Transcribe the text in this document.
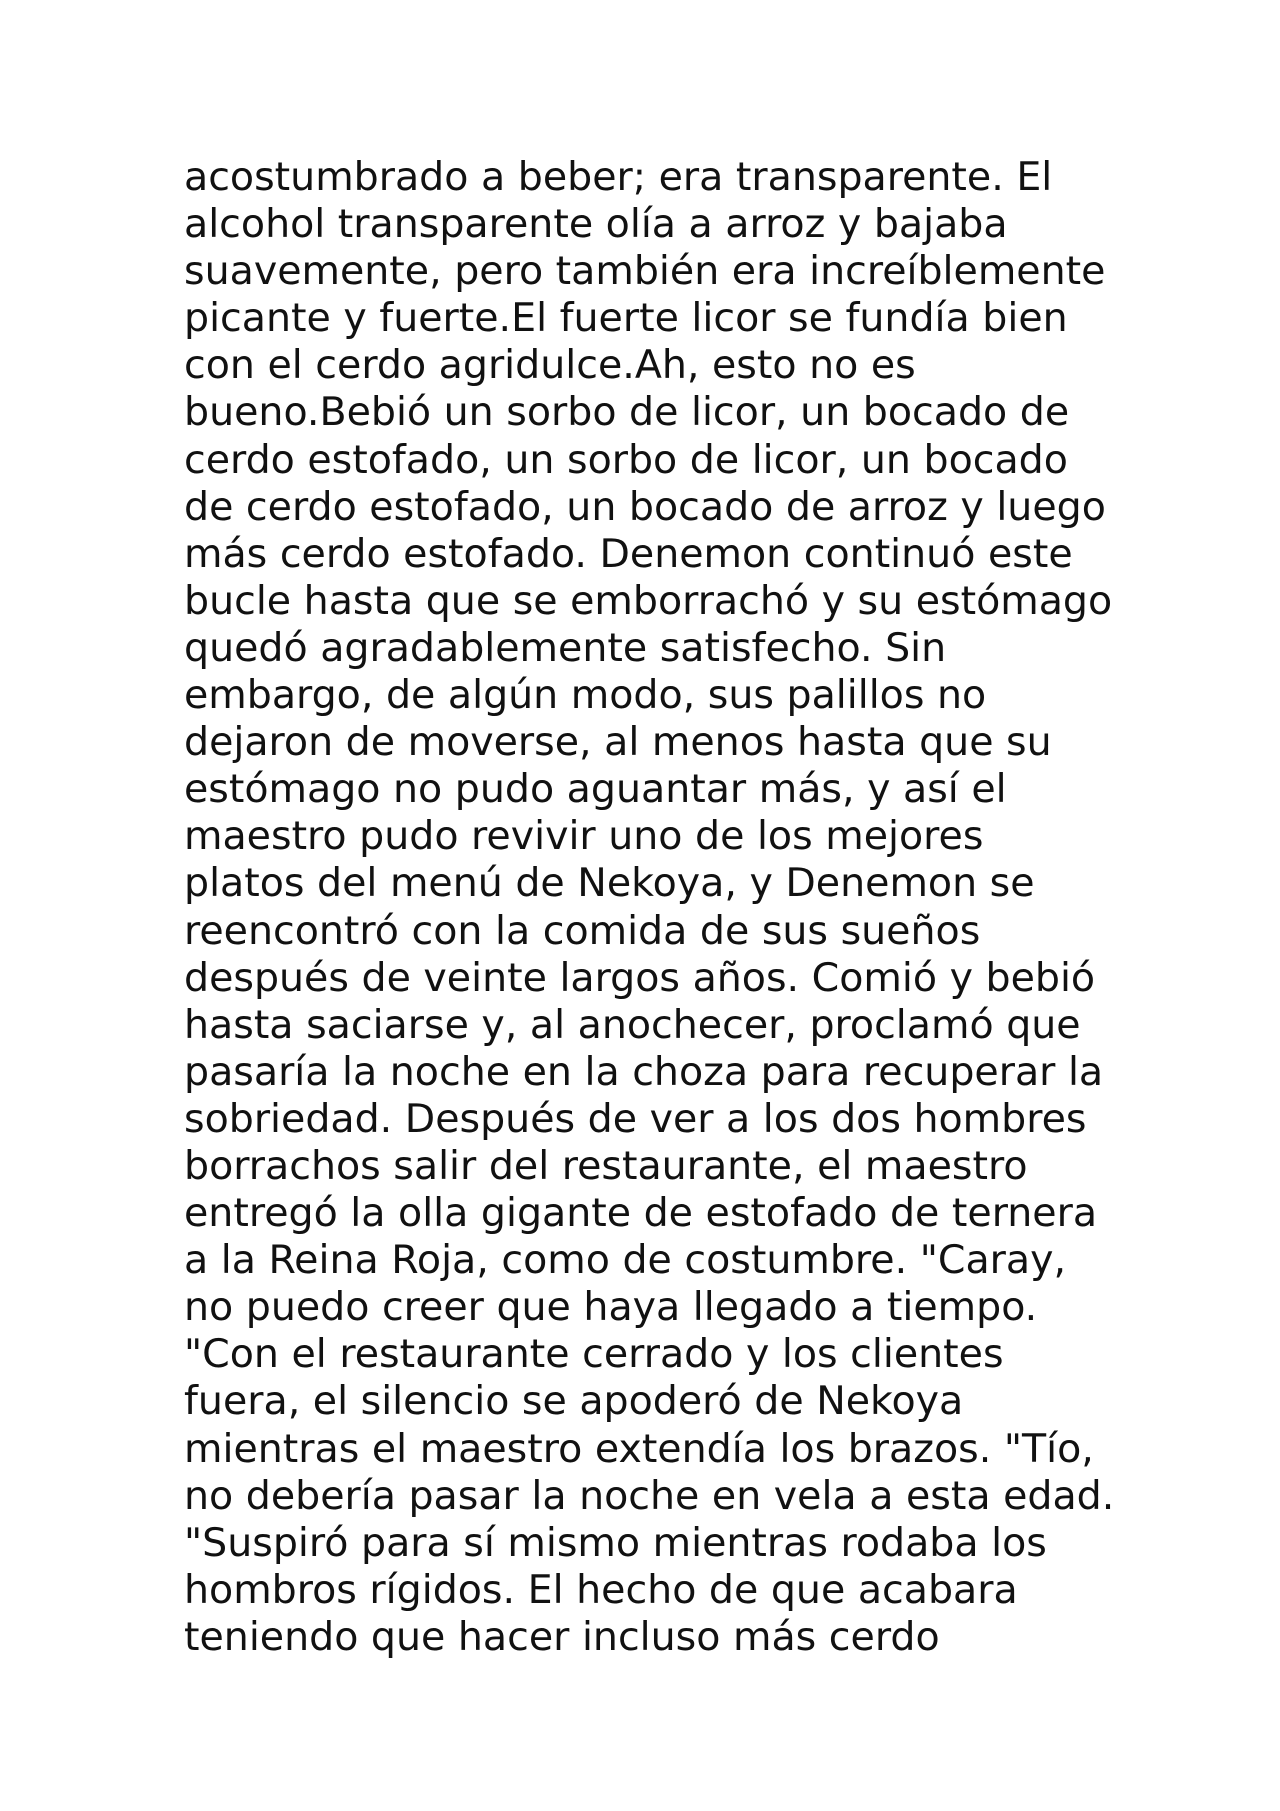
acostumbrado a beber; era transparente. El
alcohol transparente olía a arroz y bajaba
suavemente, pero también era increíblemente
picante y fuerte.El fuerte licor se fundía bien
con el cerdo agridulce.Ah, esto no es
bueno.Bebió un sorbo de licor, un bocado de
cerdo estofado, un sorbo de licor, un bocado
de cerdo estofado, un bocado de arroz y luego
más cerdo estofado. Denemon continuó este
bucle hasta que se emborrachó y su estómago
quedó agradablemente satisfecho. Sin
embargo, de algún modo, sus palillos no
dejaron de moverse, al menos hasta que su
estómago no pudo aguantar más, y así el
maestro pudo revivir uno de los mejores
platos del menú de Nekoya, y Denemon se
reencontró con la comida de sus sueños
después de veinte largos años. Comió y bebió
hasta saciarse y, al anochecer, proclamó que
pasaría la noche en la choza para recuperar la
sobriedad. Después de ver a los dos hombres
borrachos salir del restaurante, el maestro
entregó la olla gigante de estofado de ternera
a la Reina Roja, como de costumbre. "Caray,
no puedo creer que haya llegado a tiempo.
"Con el restaurante cerrado y los clientes
fuera, el silencio se apoderó de Nekoya
mientras el maestro extendía los brazos. "Tío,
no debería pasar la noche en vela a esta edad.
"Suspiró para sí mismo mientras rodaba los
hombros rígidos. El hecho de que acabara
teniendo que hacer incluso más cerdo
